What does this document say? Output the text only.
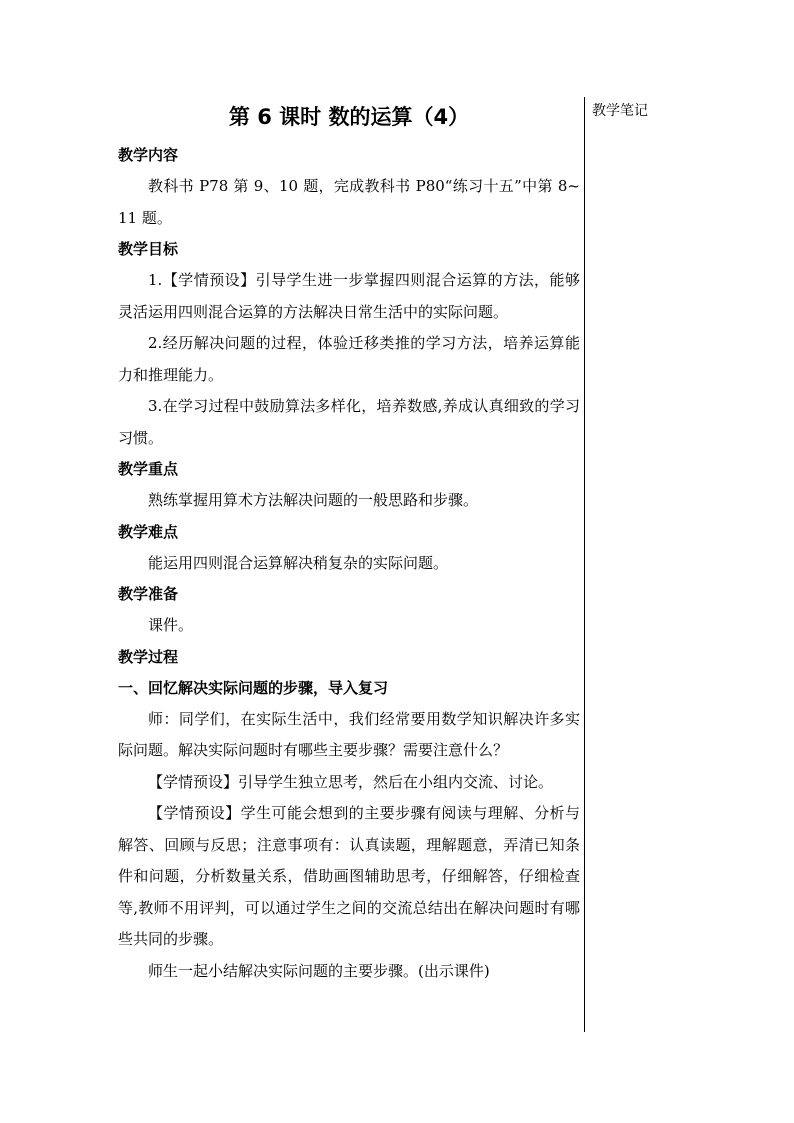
第 6 课时 数的运算（4）

教学内容

教科书 P78 第 9、10 题，完成教科书 P80“练习十五”中第 8~11 题。

教学目标

1.【学情预设】引导学生进一步掌握四则混合运算的方法，能够灵活运用四则混合运算的方法解决日常生活中的实际问题。

2.经历解决问题的过程，体验迁移类推的学习方法，培养运算能力和推理能力。

3.在学习过程中鼓励算法多样化，培养数感,养成认真细致的学习习惯。

教学重点

熟练掌握用算术方法解决问题的一般思路和步骤。

教学难点

能运用四则混合运算解决稍复杂的实际问题。

教学准备

课件。

教学过程

一、回忆解决实际问题的步骤，导入复习

师：同学们，在实际生活中，我们经常要用数学知识解决许多实际问题。解决实际问题时有哪些主要步骤？需要注意什么？

【学情预设】引导学生独立思考，然后在小组内交流、讨论。

【学情预设】学生可能会想到的主要步骤有阅读与理解、分析与解答、回顾与反思；注意事项有：认真读题，理解题意，弄清已知条件和问题，分析数量关系，借助画图辅助思考，仔细解答，仔细检查等,教师不用评判，可以通过学生之间的交流总结出在解决问题时有哪些共同的步骤。

师生一起小结解决实际问题的主要步骤。(出示课件)

教学笔记
